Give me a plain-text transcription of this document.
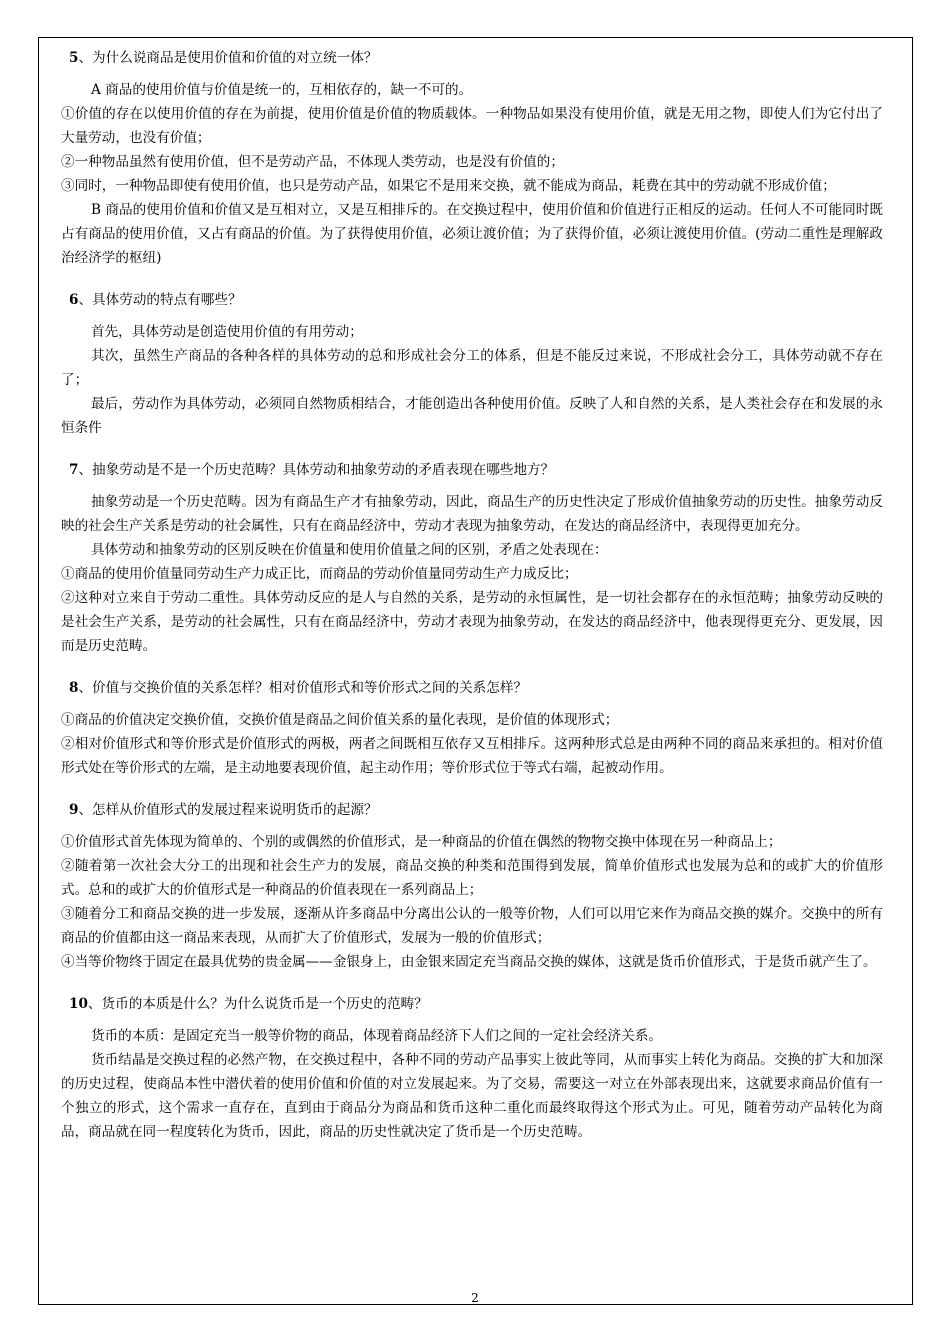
5、为什么说商品是使用价值和价值的对立统一体？

A 商品的使用价值与价值是统一的，互相依存的，缺一不可的。

①价值的存在以使用价值的存在为前提，使用价值是价值的物质载体。一种物品如果没有使用价值，就是无用之物，即使人们为它付出了大量劳动，也没有价值；

②一种物品虽然有使用价值，但不是劳动产品，不体现人类劳动，也是没有价值的；

③同时，一种物品即使有使用价值，也只是劳动产品，如果它不是用来交换，就不能成为商品，耗费在其中的劳动就不形成价值；

B 商品的使用价值和价值又是互相对立，又是互相排斥的。在交换过程中，使用价值和价值进行正相反的运动。任何人不可能同时既占有商品的使用价值，又占有商品的价值。为了获得使用价值，必须让渡价值；为了获得价值，必须让渡使用价值。(劳动二重性是理解政治经济学的枢纽)

6、具体劳动的特点有哪些？

首先，具体劳动是创造使用价值的有用劳动；

其次，虽然生产商品的各种各样的具体劳动的总和形成社会分工的体系，但是不能反过来说，不形成社会分工，具体劳动就不存在了；

最后，劳动作为具体劳动，必须同自然物质相结合，才能创造出各种使用价值。反映了人和自然的关系，是人类社会存在和发展的永恒条件

7、抽象劳动是不是一个历史范畴？具体劳动和抽象劳动的矛盾表现在哪些地方？

抽象劳动是一个历史范畴。因为有商品生产才有抽象劳动，因此，商品生产的历史性决定了形成价值抽象劳动的历史性。抽象劳动反映的社会生产关系是劳动的社会属性，只有在商品经济中，劳动才表现为抽象劳动，在发达的商品经济中，表现得更加充分。

具体劳动和抽象劳动的区别反映在价值量和使用价值量之间的区别，矛盾之处表现在：

①商品的使用价值量同劳动生产力成正比，而商品的劳动价值量同劳动生产力成反比；

②这种对立来自于劳动二重性。具体劳动反应的是人与自然的关系，是劳动的永恒属性，是一切社会都存在的永恒范畴；抽象劳动反映的是社会生产关系，是劳动的社会属性，只有在商品经济中，劳动才表现为抽象劳动，在发达的商品经济中，他表现得更充分、更发展，因而是历史范畴。

8、价值与交换价值的关系怎样？相对价值形式和等价形式之间的关系怎样？

①商品的价值决定交换价值，交换价值是商品之间价值关系的量化表现，是价值的体现形式；

②相对价值形式和等价形式是价值形式的两极，两者之间既相互依存又互相排斥。这两种形式总是由两种不同的商品来承担的。相对价值形式处在等价形式的左端，是主动地要表现价值，起主动作用；等价形式位于等式右端，起被动作用。

9、怎样从价值形式的发展过程来说明货币的起源？

①价值形式首先体现为简单的、个别的或偶然的价值形式，是一种商品的价值在偶然的物物交换中体现在另一种商品上；

②随着第一次社会大分工的出现和社会生产力的发展，商品交换的种类和范围得到发展，简单价值形式也发展为总和的或扩大的价值形式。总和的或扩大的价值形式是一种商品的价值表现在一系列商品上；

③随着分工和商品交换的进一步发展，逐渐从许多商品中分离出公认的一般等价物，人们可以用它来作为商品交换的媒介。交换中的所有商品的价值都由这一商品来表现，从而扩大了价值形式，发展为一般的价值形式；

④当等价物终于固定在最具优势的贵金属——金银身上，由金银来固定充当商品交换的媒体，这就是货币价值形式，于是货币就产生了。

10、货币的本质是什么？为什么说货币是一个历史的范畴？

货币的本质：是固定充当一般等价物的商品，体现着商品经济下人们之间的一定社会经济关系。

货币结晶是交换过程的必然产物，在交换过程中，各种不同的劳动产品事实上彼此等同，从而事实上转化为商品。交换的扩大和加深的历史过程，使商品本性中潜伏着的使用价值和价值的对立发展起来。为了交易，需要这一对立在外部表现出来，这就要求商品价值有一个独立的形式，这个需求一直存在，直到由于商品分为商品和货币这种二重化而最终取得这个形式为止。可见，随着劳动产品转化为商品，商品就在同一程度转化为货币，因此，商品的历史性就决定了货币是一个历史范畴。

2
